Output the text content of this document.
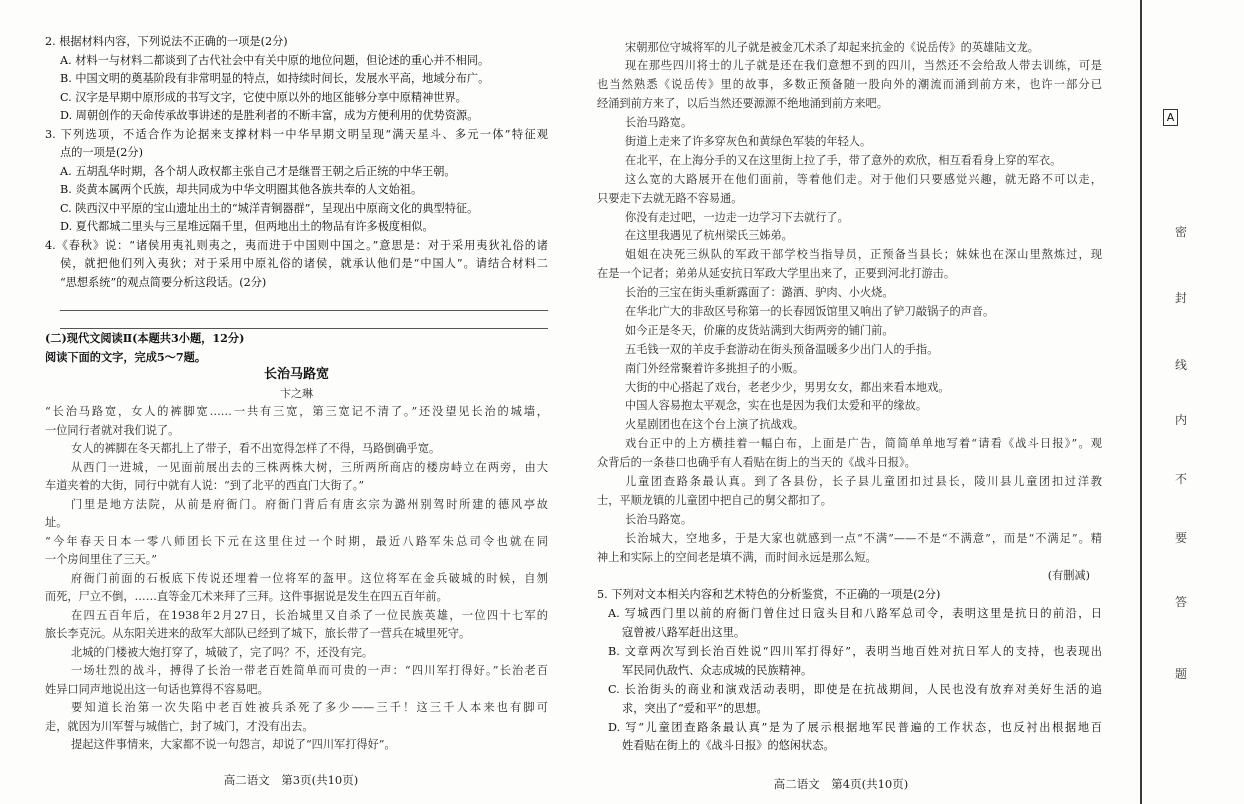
2. 根据材料内容，下列说法不正确的一项是(2分)
A. 材料一与材料二都谈到了古代社会中有关中原的地位问题，但论述的重心并不相同。
B. 中国文明的奠基阶段有非常明显的特点，如持续时间长，发展水平高，地域分布广。
C. 汉字是早期中原形成的书写文字，它使中原以外的地区能够分享中原精神世界。
D. 周朝创作的天命传承故事讲述的是胜利者的不断丰富，成为方便利用的优势资源。
3. 下列选项，不适合作为论据来支撑材料一中华早期文明呈现“满天星斗、多元一体”特征观
点的一项是(2分)
A. 五胡乱华时期，各个胡人政权都主张自己才是继晋王朝之后正统的中华王朝。
B. 炎黄本属两个氏族，却共同成为中华文明圈其他各族共奉的人文始祖。
C. 陕西汉中平原的宝山遗址出土的“城洋青铜器群”，呈现出中原商文化的典型特征。
D. 夏代都城二里头与三星堆远隔千里，但两地出土的物品有许多极度相似。
4.《春秋》说：“诸侯用夷礼则夷之，夷而进于中国则中国之。”意思是：对于采用夷狄礼俗的诸
侯，就把他们列入夷狄；对于采用中原礼俗的诸侯，就承认他们是“中国人”。请结合材料二
“思想系统”的观点简要分析这段话。(2分)
(二)现代文阅读Ⅱ(本题共3小题，12分)
阅读下面的文字，完成5～7题。
长治马路宽
卞之琳
“长治马路宽，女人的裤脚宽……一共有三宽，第三宽记不清了。”还没望见长治的城墙，
一位同行者就对我们说了。
女人的裤脚在冬天都扎上了带子，看不出宽得怎样了不得，马路倒确乎宽。
从西门一进城，一见面前展出去的三株两株大树，三所两所商店的楼房峙立在两旁，由大
车道夹着的大街，同行中就有人说：“到了北平的西直门大街了。”
门里是地方法院，从前是府衙门。府衙门背后有唐玄宗为潞州别驾时所建的德风亭故
址。
“今年春天日本一零八师团长下元在这里住过一个时期，最近八路军朱总司令也就在同
一个房间里住了三天。”
府衙门前面的石板底下传说还埋着一位将军的盔甲。这位将军在金兵破城的时候，自刎
而死，尸立不倒，……直等金兀术来拜了三拜。这件事据说是发生在四五百年前。
在四五百年后，在1938年2月27日，长治城里又自杀了一位民族英雄，一位四十七军的
旅长李克沅。从东阳关进来的敌军大部队已经到了城下，旅长带了一营兵在城里死守。
北城的门楼被大炮打穿了，城破了，完了吗？不，还没有完。
一场壮烈的战斗，搏得了长治一带老百姓简单而可贵的一声：“四川军打得好。”长治老百
姓异口同声地说出这一句话也算得不容易吧。
要知道长治第一次失陷中老百姓被兵杀死了多少——三千！这三千人本来也有脚可
走，就因为川军誓与城偕亡，封了城门，才没有出去。
提起这件事情来，大家都不说一句怨言，却说了“四川军打得好”。
宋朝那位守城将军的儿子就是被金兀术杀了却起来抗金的《说岳传》的英雄陆文龙。
现在那些四川将士的儿子就是还在我们意想不到的四川，当然还不会给敌人带去训练，可是
也当然熟悉《说岳传》里的故事，多数正预备随一股向外的潮流而涌到前方来，也许一部分已
经涌到前方来了，以后当然还要源源不绝地涌到前方来吧。
长治马路宽。
街道上走来了许多穿灰色和黄绿色军装的年轻人。
在北平，在上海分手的又在这里街上拉了手，带了意外的欢欣，相互看看身上穿的军衣。
这么宽的大路展开在他们面前，等着他们走。对于他们只要感觉兴趣，就无路不可以走，
只要走下去就无路不容易通。
你没有走过吧，一边走一边学习下去就行了。
在这里我遇见了杭州梁氏三姊弟。
姐姐在决死三纵队的军政干部学校当指导员，正预备当县长；妹妹也在深山里熬炼过，现
在是一个记者；弟弟从延安抗日军政大学里出来了，正要到河北打游击。
长治的三宝在街头重新露面了：潞酒、驴肉、小火烧。
在华北广大的非敌区号称第一的长春园饭馆里又响出了铲刀敲锅子的声音。
如今正是冬天，价廉的皮货站满到大街两旁的铺门前。
五毛钱一双的羊皮手套游动在街头预备温暖多少出门人的手指。
南门外经常聚着许多挑担子的小贩。
大街的中心搭起了戏台，老老少少，男男女女，都出来看本地戏。
中国人容易抱太平观念，实在也是因为我们太爱和平的缘故。
火星剧团也在这个台上演了抗战戏。
戏台正中的上方横挂着一幅白布，上面是广告，简简单单地写着“请看《战斗日报》”。观
众背后的一条巷口也确乎有人看贴在街上的当天的《战斗日报》。
儿童团查路条最认真。到了各县份，长子县儿童团扣过县长，陵川县儿童团扣过洋教
士，平顺龙镇的儿童团中把自己的舅父都扣了。
长治马路宽。
长治城大，空地多，于是大家也就感到一点“不满”——不是“不满意”，而是“不满足”。精
神上和实际上的空间老是填不满，而时间永远是那么短。
(有删减)
5. 下列对文本相关内容和艺术特色的分析鉴赏，不正确的一项是(2分)
A. 写城西门里以前的府衙门曾住过日寇头目和八路军总司令，表明这里是抗日的前沿，日
寇曾被八路军赶出这里。
B. 文章两次写到长治百姓说“四川军打得好”，表明当地百姓对抗日军人的支持，也表现出
军民同仇敌忾、众志成城的民族精神。
C. 长治街头的商业和演戏活动表明，即使是在抗战期间，人民也没有放弃对美好生活的追
求，突出了“爱和平”的思想。
D. 写“儿童团查路条最认真”是为了展示根据地军民普遍的工作状态，也反衬出根据地百
姓看贴在街上的《战斗日报》的悠闲状态。
高二语文　第3页(共10页)	高二语文　第4页(共10页)
A
密
封
线
内
不
要
答
题
